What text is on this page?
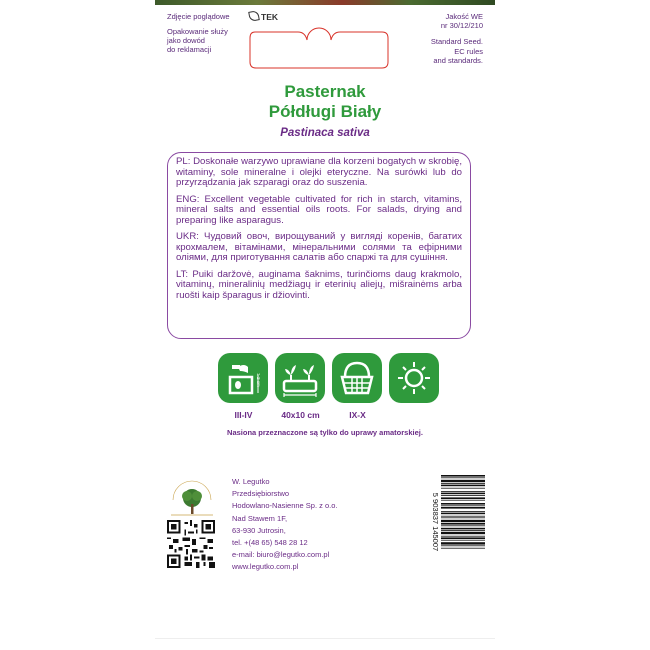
Zdjęcie poglądowe	TEK
Opakowanie służy
jako dowód
do reklamacji
Jakość WE
nr 30/12/210
Standard Seed.
EC rules
and standards.
Pasternak
Półdługi Biały
Pastinaca sativa

PL: Doskonałe warzywo uprawiane dla korzeni bogatych w skrobię, witaminy, sole mineralne i olejki eteryczne. Na surówki lub do przyrządzania jak szparagi oraz do suszenia.

ENG: Excellent vegetable cultivated for rich in starch, vitamins, mineral salts and essential oils roots. For salads, drying and preparing like asparagus.

UKR: Чудовий овоч, вирощуваний у вигляді коренів, багатих крохмалем, вітамінами, мінеральними солями та ефірними оліями, для приготування салатів або спаржі та для сушіння.

LT: Puiki daržovė, auginama šaknims, turinčioms daug krakmolo, vitaminų, mineralinių medžiagų ir eterinių aliejų, mišrainėms arba ruošti kaip šparagus ir džiovinti.

1-2 cm
III-IV	40x10 cm	IX-X
Nasiona przeznaczone są tylko do uprawy amatorskiej.
W. Legutko
Przedsiębiorstwo
Hodowlano-Nasienne Sp. z o.o.
Nad Stawem 1F,
63-930 Jutrosin,
tel. +(48 65) 548 28 12
e-mail: biuro@legutko.com.pl
www.legutko.com.pl
5 903837 145007
